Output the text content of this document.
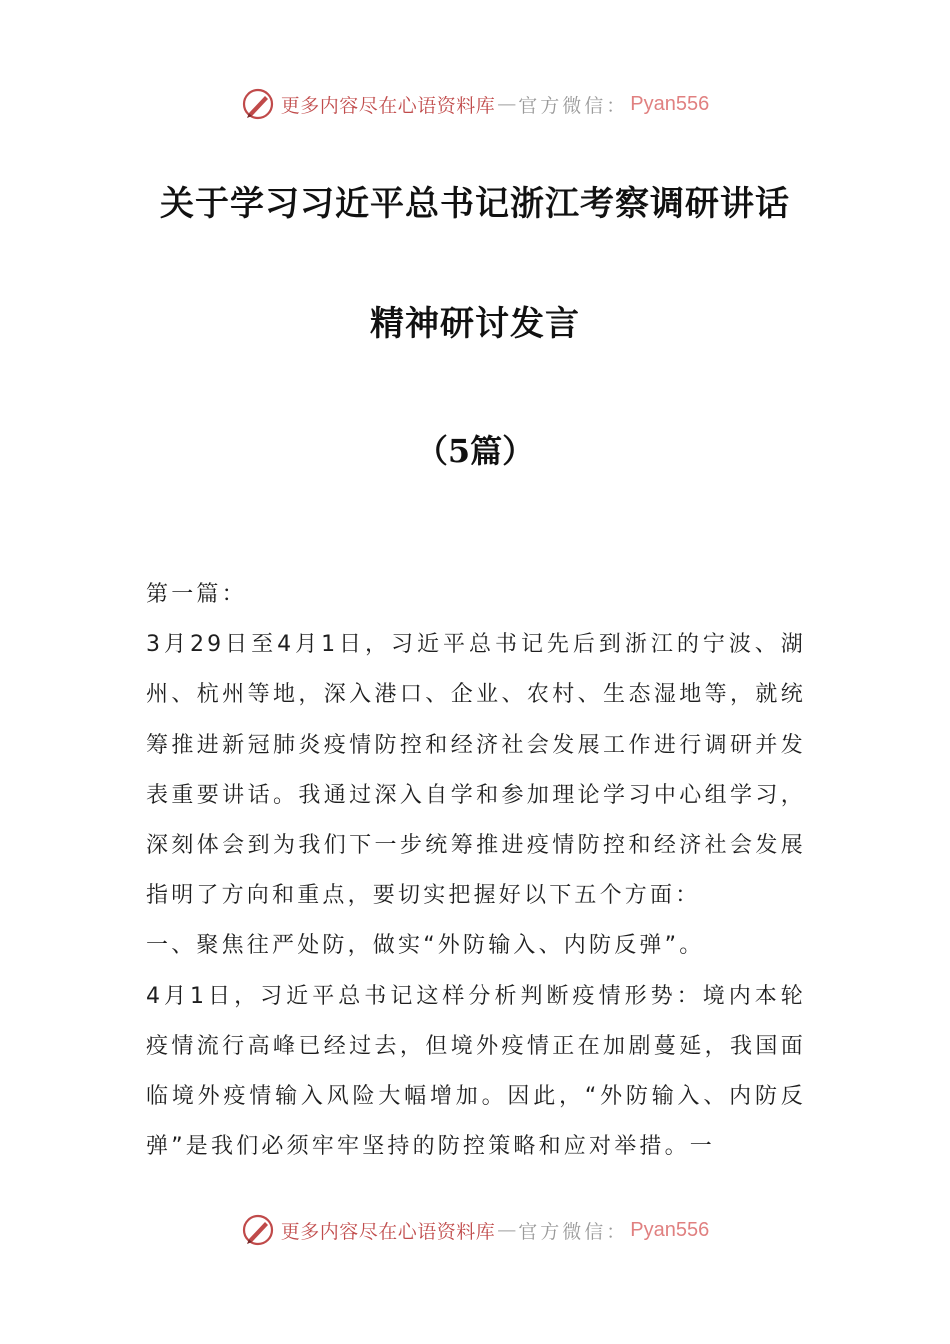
更多内容尽在心语资料库 — 官方微信： Pyan556
关于学习习近平总书记浙江考察调研讲话
精神研讨发言
（5篇）

第一篇：

3月29日至4月1日，习近平总书记先后到浙江的宁波、湖州、杭州等地，深入港口、企业、农村、生态湿地等，就统筹推进新冠肺炎疫情防控和经济社会发展工作进行调研并发表重要讲话。我通过深入自学和参加理论学习中心组学习，深刻体会到为我们下一步统筹推进疫情防控和经济社会发展指明了方向和重点，要切实把握好以下五个方面：

一、聚焦往严处防，做实“外防输入、内防反弹”。

4月1日，习近平总书记这样分析判断疫情形势：境内本轮疫情流行高峰已经过去，但境外疫情正在加剧蔓延，我国面临境外疫情输入风险大幅增加。因此，“外防输入、内防反弹”是我们必须牢牢坚持的防控策略和应对举措。一

更多内容尽在心语资料库 — 官方微信： Pyan556
